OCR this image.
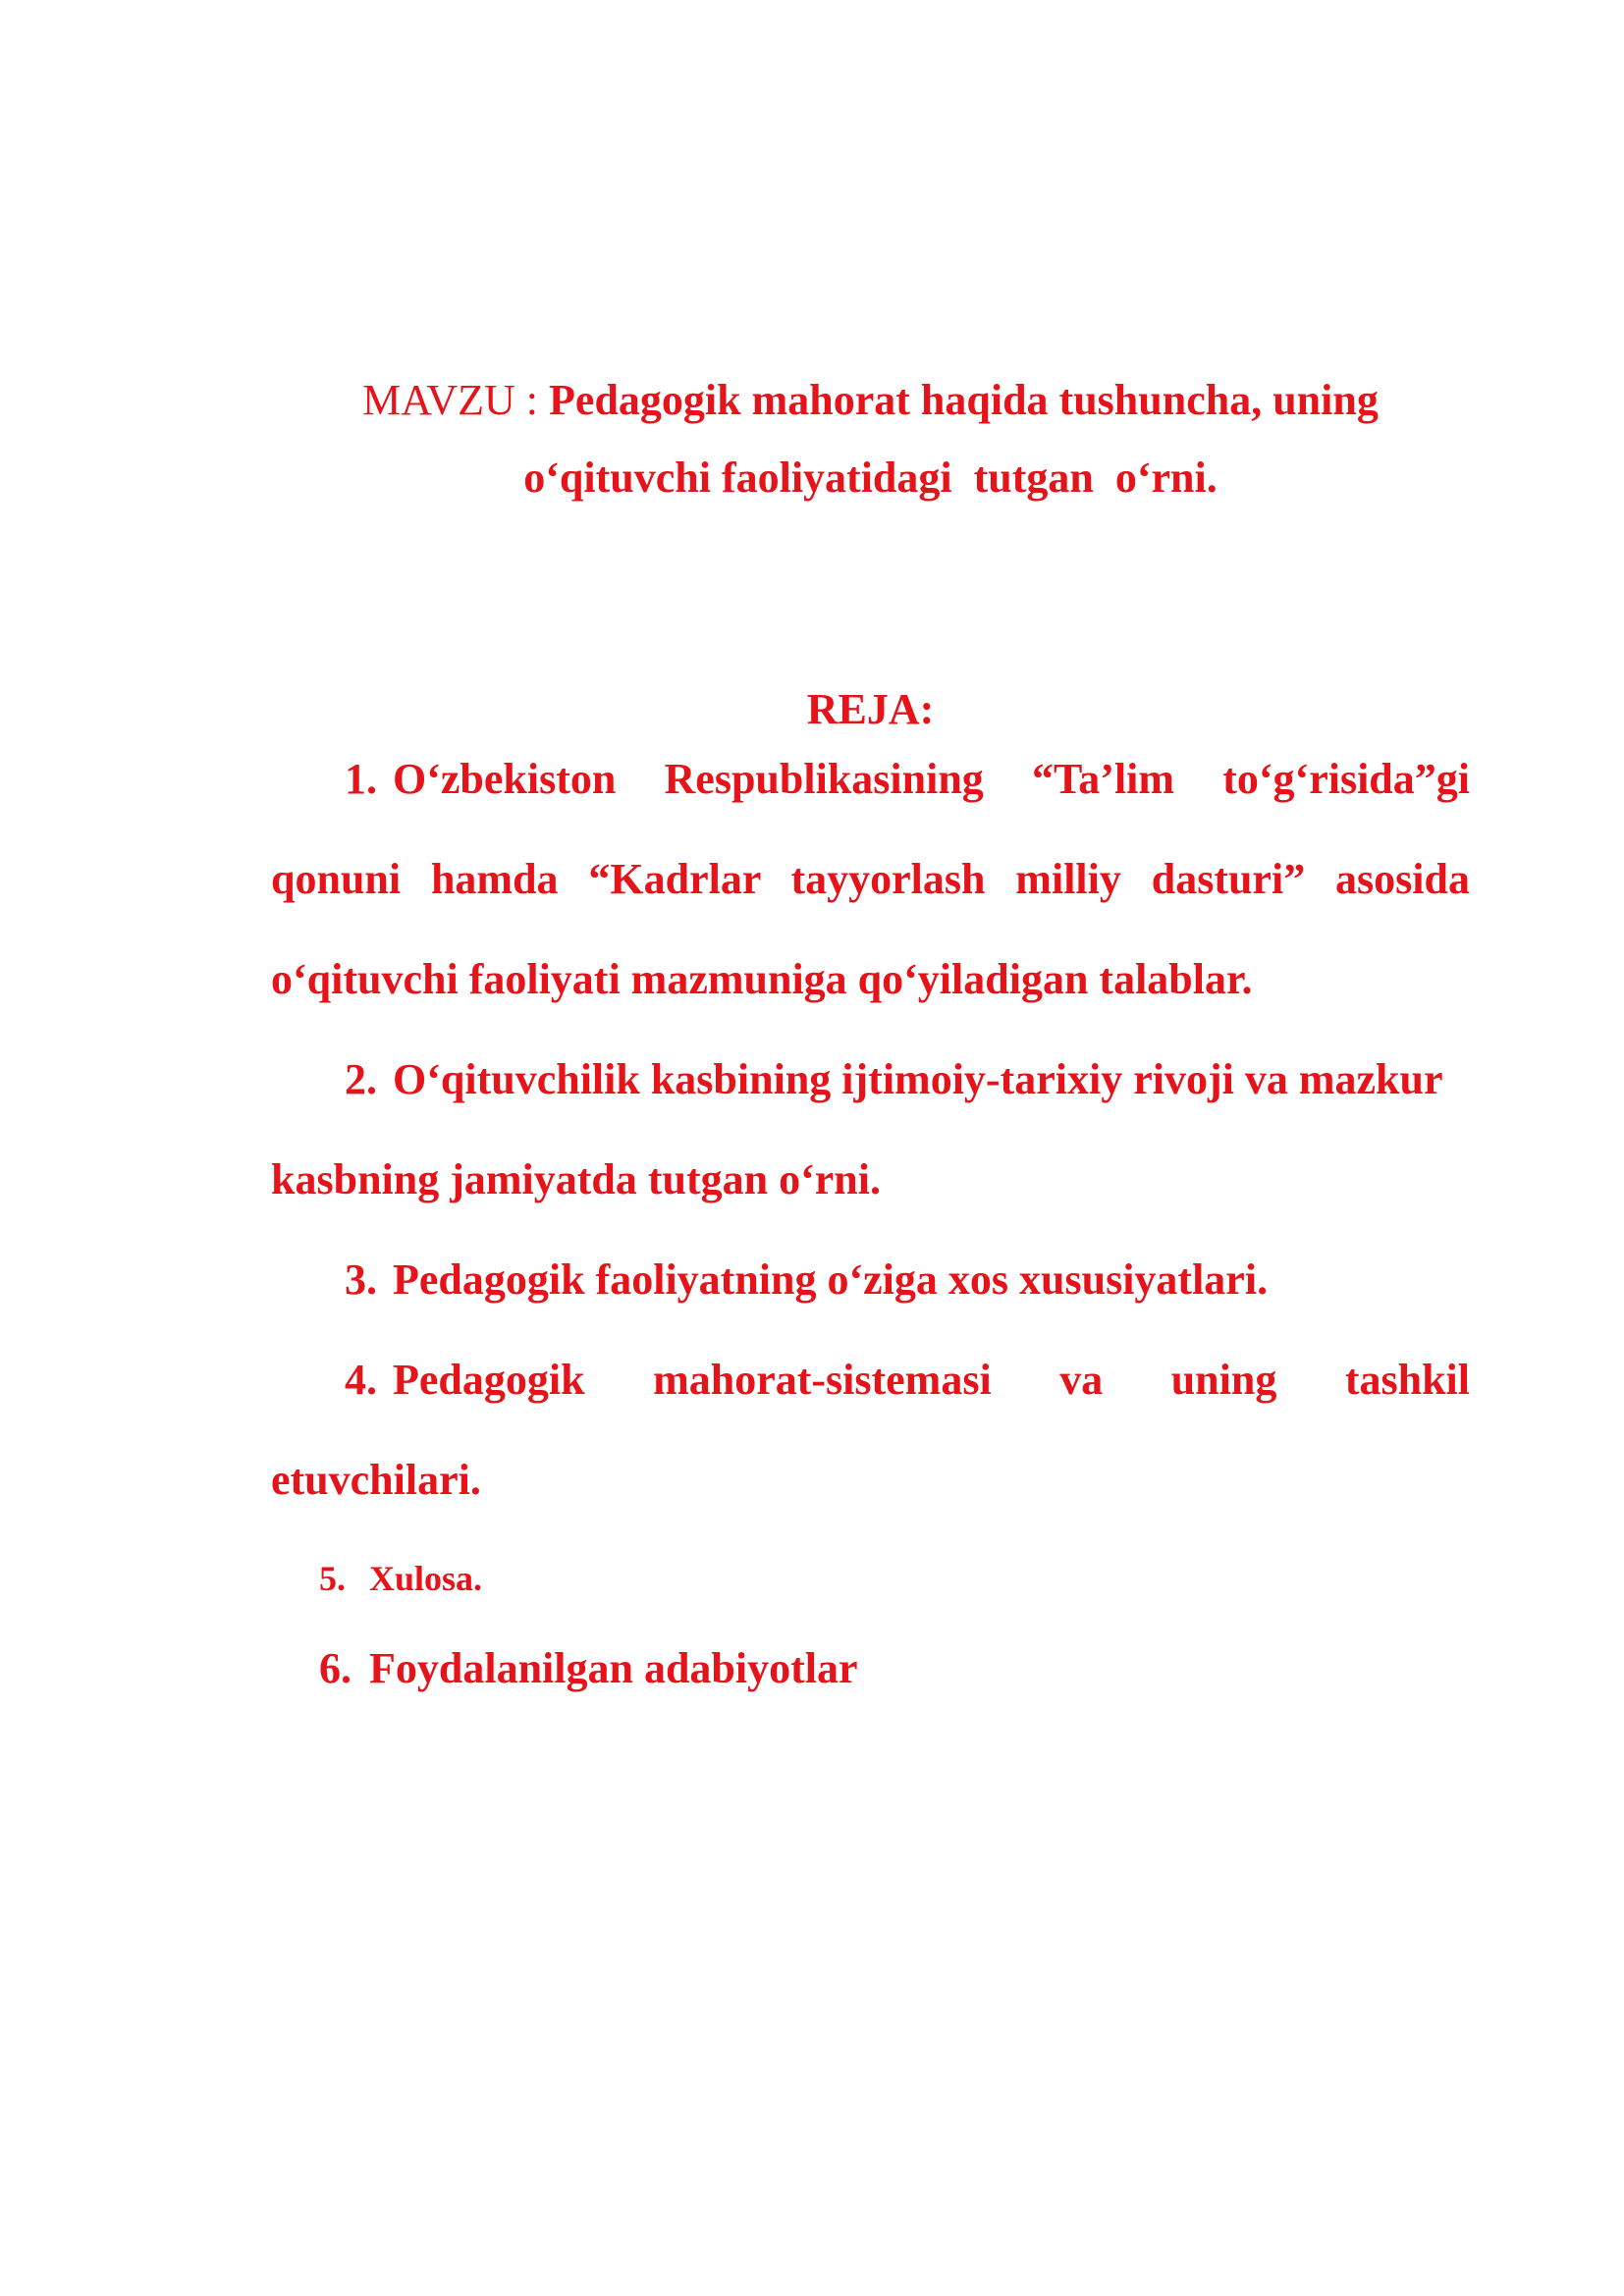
MAVZU : Pedagogik mahorat haqida tushuncha, uning
o‘qituvchi faoliyatidagi  tutgan  o‘rni.
REJA:
1. O‘zbekiston Respublikasining “Ta’lim to‘g‘risida”gi
qonuni hamda “Kadrlar tayyorlash milliy dasturi” asosida
o‘qituvchi faoliyati mazmuniga qo‘yiladigan talablar.
2. O‘qituvchilik kasbining ijtimoiy-tarixiy rivoji va mazkur
kasbning jamiyatda tutgan o‘rni.
3. Pedagogik faoliyatning o‘ziga xos xususiyatlari.
4. Pedagogik mahorat-sistemasi va uning tashkil
etuvchilari.
5. Xulosa.
6. Foydalanilgan adabiyotlar
